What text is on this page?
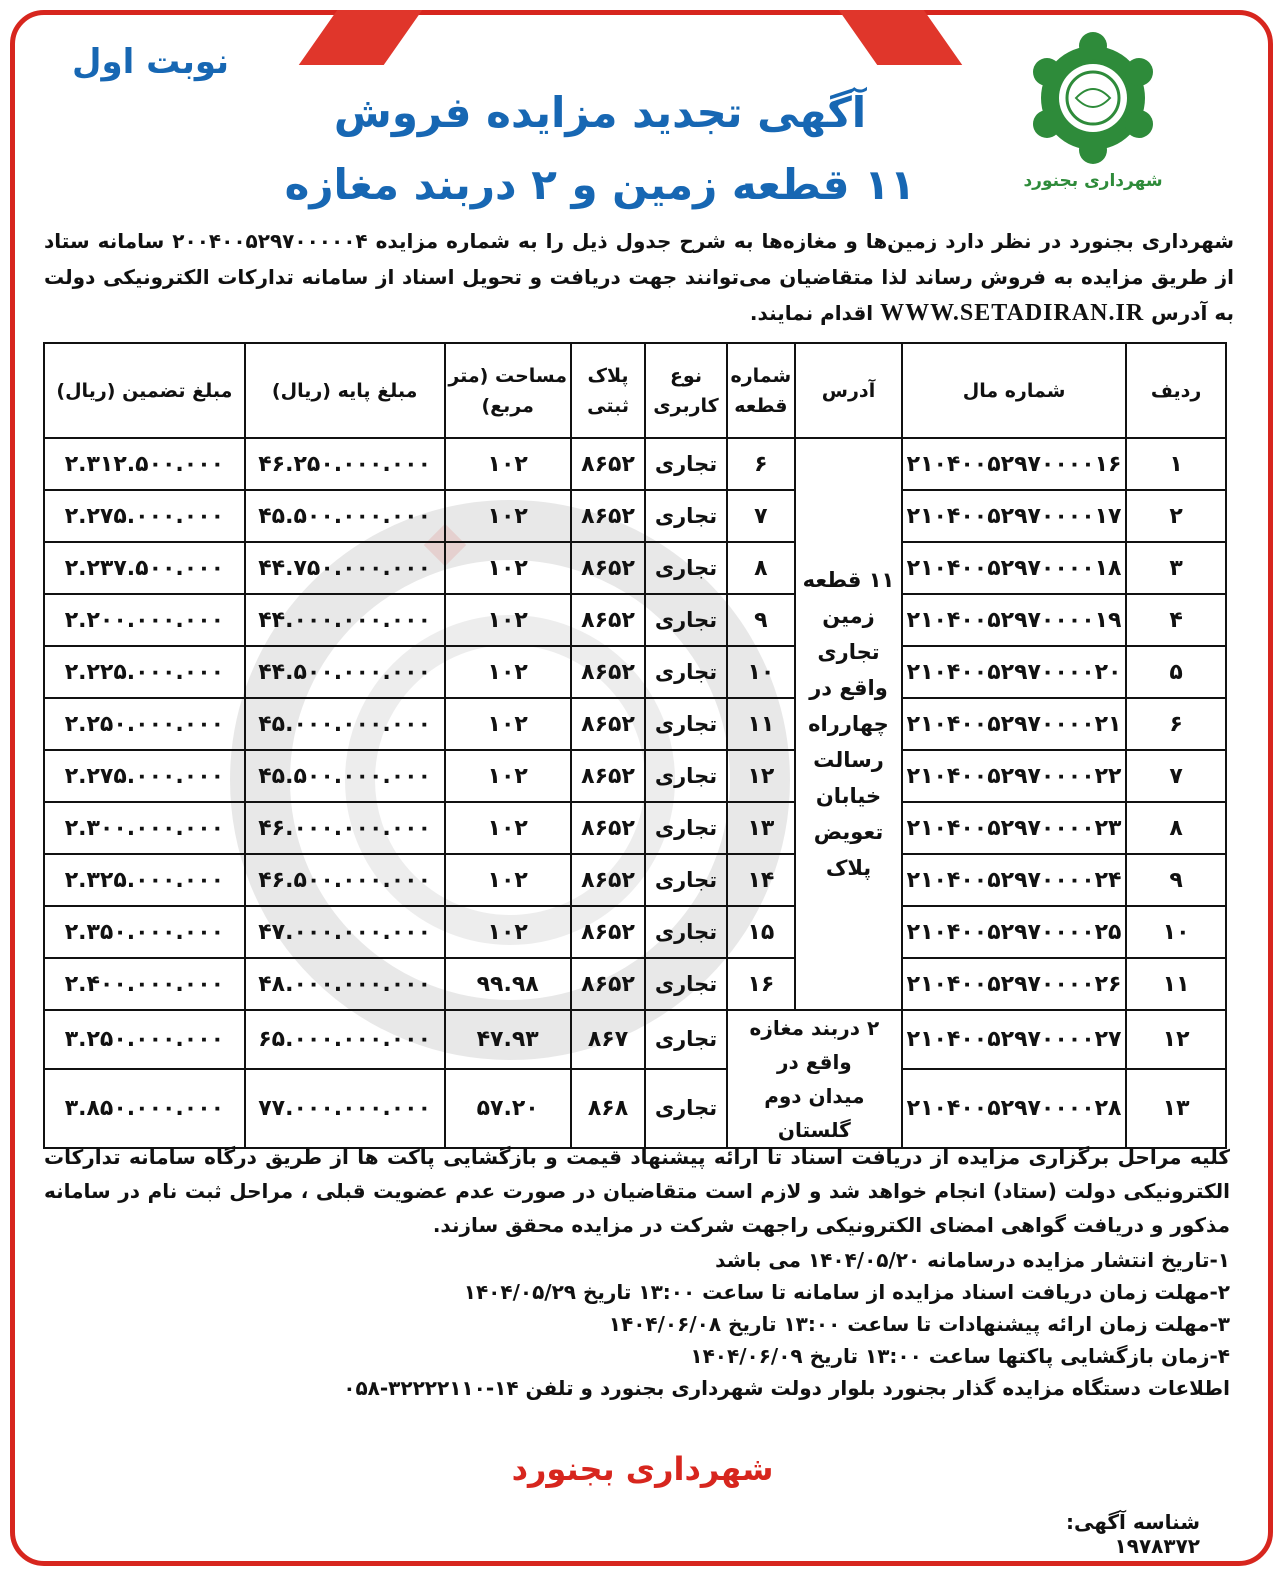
نوبت اول
شهرداری بجنورد
آگهی تجدید مزایده فروش
۱۱ قطعه زمین و ۲ دربند مغازه
شهرداری بجنورد در نظر دارد زمین‌ها و مغازه‌ها به شرح جدول ذیل را به شماره مزایده ۲۰۰۴۰۰۵۲۹۷۰۰۰۰۰۴ سامانه ستاد از طریق مزایده به فروش رساند لذا متقاضیان می‌توانند جهت دریافت و تحویل اسناد از سامانه تدارکات الکترونیکی دولت به آدرس WWW.SETADIRAN.IR اقدام نمایند.
ردیف	شماره مال	آدرس	شماره قطعه	نوع کاربری	پلاک ثبتی	مساحت (متر مربع)	مبلغ پایه (ریال)	مبلغ تضمین (ریال)
۱	۲۱۰۴۰۰۵۲۹۷۰۰۰۰۱۶	۱۱ قطعه زمین تجاری واقع در چهارراه رسالت خیابان تعویض پلاک	۶	تجاری	۸۶۵۲	۱۰۲	۴۶.۲۵۰.۰۰۰.۰۰۰	۲.۳۱۲.۵۰۰.۰۰۰
۲	۲۱۰۴۰۰۵۲۹۷۰۰۰۰۱۷		۷	تجاری	۸۶۵۲	۱۰۲	۴۵.۵۰۰.۰۰۰.۰۰۰	۲.۲۷۵.۰۰۰.۰۰۰
۳	۲۱۰۴۰۰۵۲۹۷۰۰۰۰۱۸		۸	تجاری	۸۶۵۲	۱۰۲	۴۴.۷۵۰.۰۰۰.۰۰۰	۲.۲۳۷.۵۰۰.۰۰۰
۴	۲۱۰۴۰۰۵۲۹۷۰۰۰۰۱۹		۹	تجاری	۸۶۵۲	۱۰۲	۴۴.۰۰۰.۰۰۰.۰۰۰	۲.۲۰۰.۰۰۰.۰۰۰
۵	۲۱۰۴۰۰۵۲۹۷۰۰۰۰۲۰		۱۰	تجاری	۸۶۵۲	۱۰۲	۴۴.۵۰۰.۰۰۰.۰۰۰	۲.۲۲۵.۰۰۰.۰۰۰
۶	۲۱۰۴۰۰۵۲۹۷۰۰۰۰۲۱		۱۱	تجاری	۸۶۵۲	۱۰۲	۴۵.۰۰۰.۰۰۰.۰۰۰	۲.۲۵۰.۰۰۰.۰۰۰
۷	۲۱۰۴۰۰۵۲۹۷۰۰۰۰۲۲		۱۲	تجاری	۸۶۵۲	۱۰۲	۴۵.۵۰۰.۰۰۰.۰۰۰	۲.۲۷۵.۰۰۰.۰۰۰
۸	۲۱۰۴۰۰۵۲۹۷۰۰۰۰۲۳		۱۳	تجاری	۸۶۵۲	۱۰۲	۴۶.۰۰۰.۰۰۰.۰۰۰	۲.۳۰۰.۰۰۰.۰۰۰
۹	۲۱۰۴۰۰۵۲۹۷۰۰۰۰۲۴		۱۴	تجاری	۸۶۵۲	۱۰۲	۴۶.۵۰۰.۰۰۰.۰۰۰	۲.۳۲۵.۰۰۰.۰۰۰
۱۰	۲۱۰۴۰۰۵۲۹۷۰۰۰۰۲۵		۱۵	تجاری	۸۶۵۲	۱۰۲	۴۷.۰۰۰.۰۰۰.۰۰۰	۲.۳۵۰.۰۰۰.۰۰۰
۱۱	۲۱۰۴۰۰۵۲۹۷۰۰۰۰۲۶		۱۶	تجاری	۸۶۵۲	۹۹.۹۸	۴۸.۰۰۰.۰۰۰.۰۰۰	۲.۴۰۰.۰۰۰.۰۰۰
۱۲	۲۱۰۴۰۰۵۲۹۷۰۰۰۰۲۷	۲ دربند مغازه واقع در میدان دوم گلستان		تجاری	۸۶۷	۴۷.۹۳	۶۵.۰۰۰.۰۰۰.۰۰۰	۳.۲۵۰.۰۰۰.۰۰۰
۱۳	۲۱۰۴۰۰۵۲۹۷۰۰۰۰۲۸			تجاری	۸۶۸	۵۷.۲۰	۷۷.۰۰۰.۰۰۰.۰۰۰	۳.۸۵۰.۰۰۰.۰۰۰

کلیه مراحل برگزاری مزایده از دریافت اسناد تا ارائه پیشنهاد قیمت و بازگشایی پاکت ها از طریق درگاه سامانه تدارکات الکترونیکی دولت (ستاد) انجام خواهد شد و لازم است متقاضیان در صورت عدم عضویت قبلی ، مراحل ثبت نام در سامانه مذکور و دریافت گواهی امضای الکترونیکی راجهت شرکت در مزایده محقق سازند.

۱-تاریخ انتشار مزایده درسامانه ۱۴۰۴/۰۵/۲۰ می باشد

۲-مهلت زمان دریافت اسناد مزایده از سامانه تا ساعت ۱۳:۰۰ تاریخ ۱۴۰۴/۰۵/۲۹

۳-مهلت زمان ارائه پیشنهادات تا ساعت ۱۳:۰۰ تاریخ ۱۴۰۴/۰۶/۰۸

۴-زمان بازگشایی پاکتها ساعت ۱۳:۰۰ تاریخ ۱۴۰۴/۰۶/۰۹

اطلاعات دستگاه مزایده گذار بجنورد بلوار دولت شهرداری بجنورد و تلفن ۱۴-۳۲۲۲۲۱۱۰-۰۵۸

شهرداری بجنورد
شناسه آگهی: ۱۹۷۸۳۷۲
